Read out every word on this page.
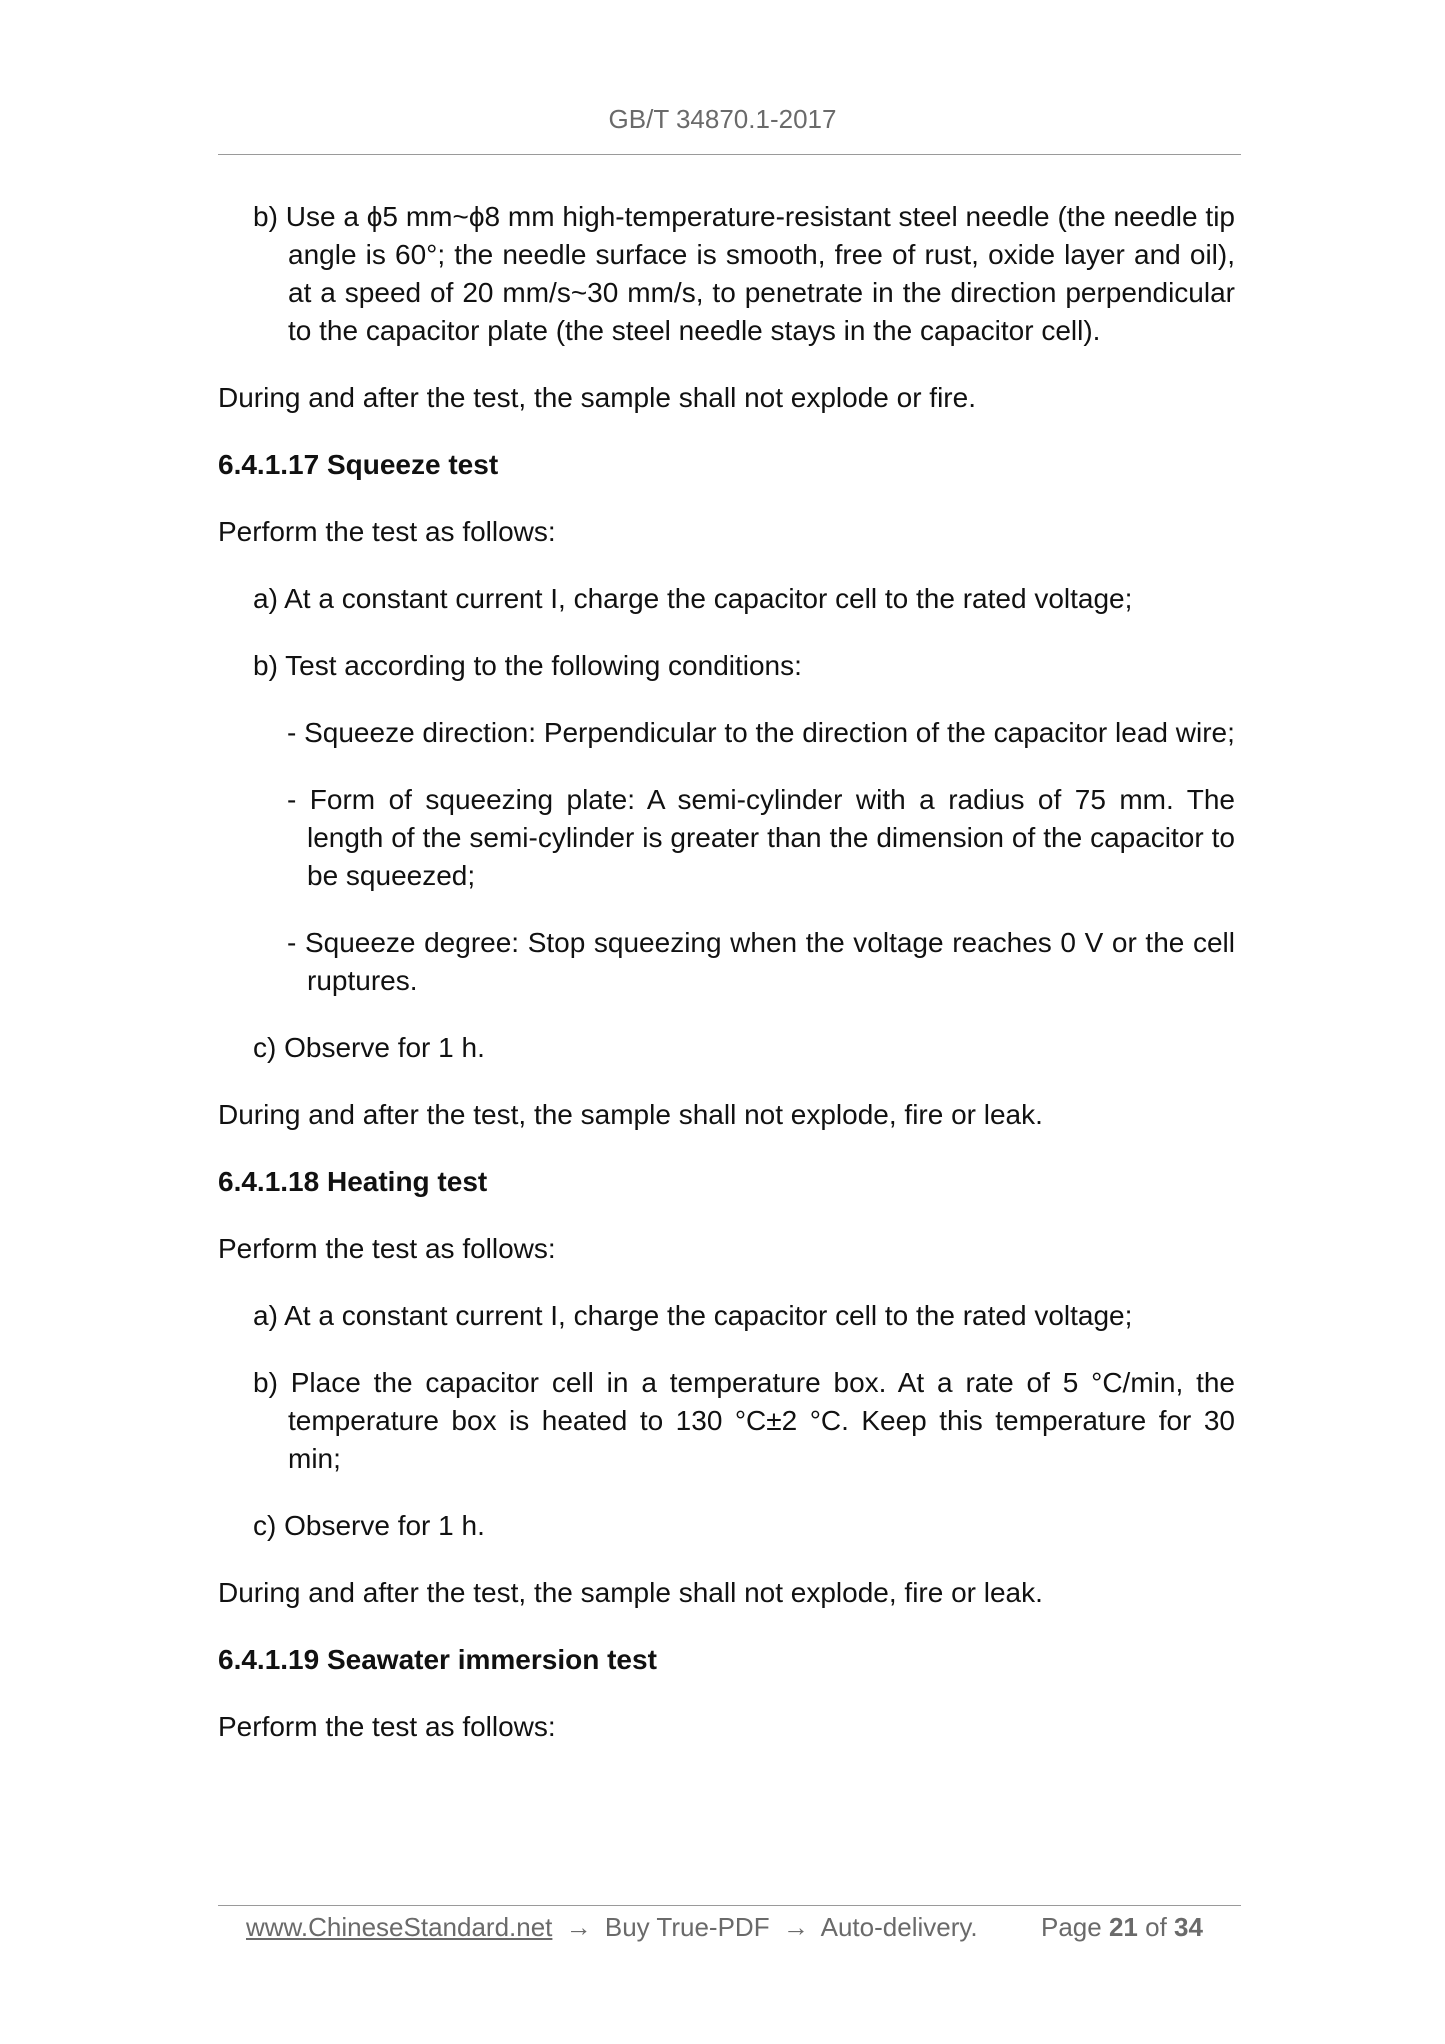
GB/T 34870.1-2017

b) Use a ϕ5 mm~ϕ8 mm high-temperature-resistant steel needle (the needle tip angle is 60°; the needle surface is smooth, free of rust, oxide layer and oil), at a speed of 20 mm/s~30 mm/s, to penetrate in the direction perpendicular to the capacitor plate (the steel needle stays in the capacitor cell).

During and after the test, the sample shall not explode or fire.

6.4.1.17 Squeeze test

Perform the test as follows:

a) At a constant current I, charge the capacitor cell to the rated voltage;

b) Test according to the following conditions:

- Squeeze direction: Perpendicular to the direction of the capacitor lead wire;

- Form of squeezing plate: A semi-cylinder with a radius of 75 mm. The length of the semi-cylinder is greater than the dimension of the capacitor to be squeezed;

- Squeeze degree: Stop squeezing when the voltage reaches 0 V or the cell ruptures.

c) Observe for 1 h.

During and after the test, the sample shall not explode, fire or leak.

6.4.1.18 Heating test

Perform the test as follows:

a) At a constant current I, charge the capacitor cell to the rated voltage;

b) Place the capacitor cell in a temperature box. At a rate of 5 °C/min, the temperature box is heated to 130 °C±2 °C. Keep this temperature for 30 min;

c) Observe for 1 h.

During and after the test, the sample shall not explode, fire or leak.

6.4.1.19 Seawater immersion test

Perform the test as follows:

www.ChineseStandard.net → Buy True-PDF → Auto-delivery. Page 21 of 34
